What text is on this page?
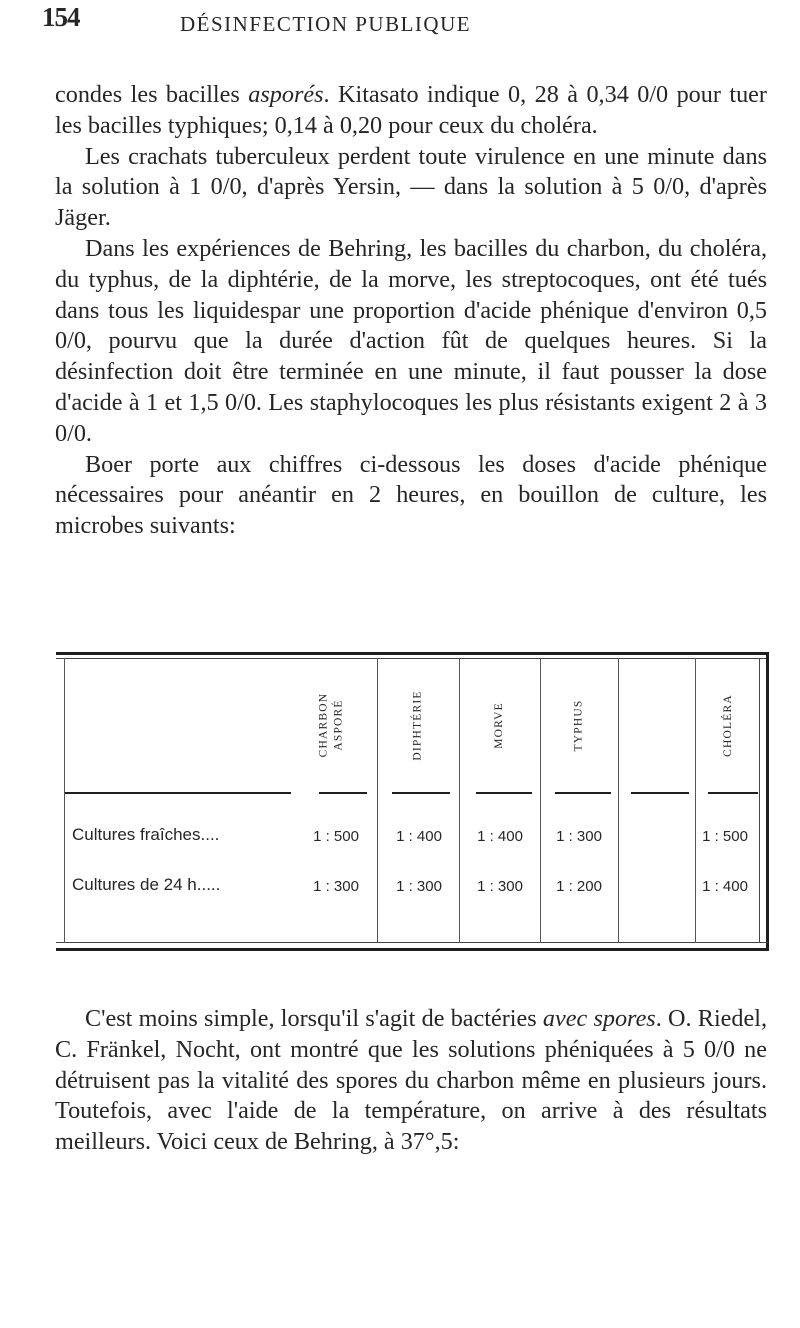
154	DÉSINFECTION PUBLIQUE

condes les bacilles asporés. Kitasato indique 0, 28 à 0,34 0/0 pour tuer les bacilles typhiques; 0,14 à 0,20 pour ceux du choléra.

Les crachats tuberculeux perdent toute virulence en une minute dans la solution à 1 0/0, d'après Yersin, — dans la solution à 5 0/0, d'après Jäger.

Dans les expériences de Behring, les bacilles du charbon, du choléra, du typhus, de la diphtérie, de la morve, les streptocoques, ont été tués dans tous les liquidespar une proportion d'acide phénique d'environ 0,5 0/0, pourvu que la durée d'action fût de quelques heures. Si la désinfection doit être terminée en une minute, il faut pousser la dose d'acide à 1 et 1,5 0/0. Les staphylocoques les plus résistants exigent 2 à 3 0/0.

Boer porte aux chiffres ci-dessous les doses d'acide phénique nécessaires pour anéantir en 2 heures, en bouillon de culture, les microbes suivants:

CHARBON ASPORÉ	DIPHTÉRIE	MORVE	TYPHUS	CHOLÉRA
Cultures fraîches....	1 : 500	1 : 400	1 : 400	1 : 300	1 : 500
Cultures de 24 h.....	1 : 300	1 : 300	1 : 300	1 : 200	1 : 400

C'est moins simple, lorsqu'il s'agit de bactéries avec spores. O. Riedel, C. Fränkel, Nocht, ont montré que les solutions phéniquées à 5 0/0 ne détruisent pas la vitalité des spores du charbon même en plusieurs jours. Toutefois, avec l'aide de la température, on arrive à des résultats meilleurs. Voici ceux de Behring, à 37°,5:
